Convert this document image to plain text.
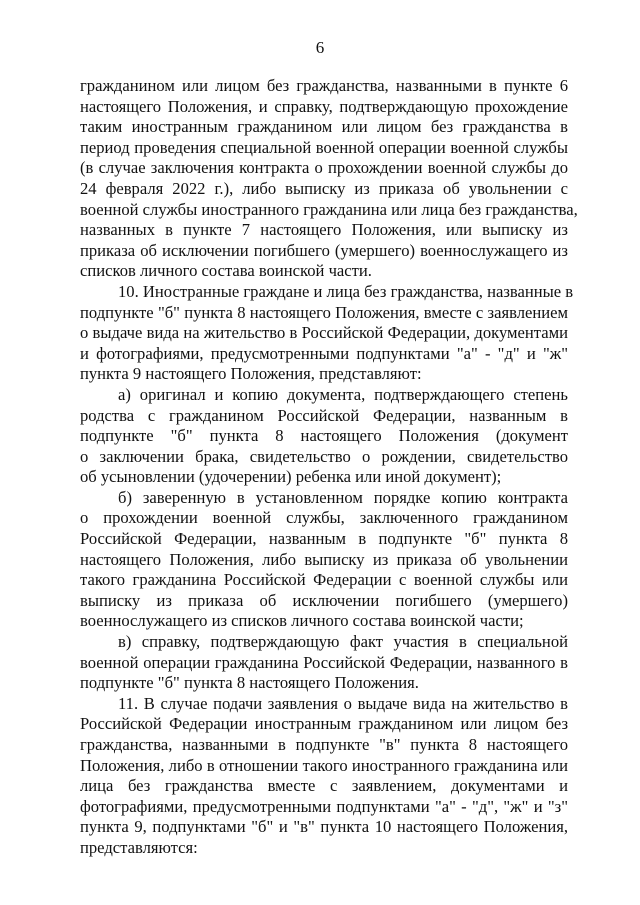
6
гражданином или лицом без гражданства, названными в пункте 6
настоящего Положения, и справку, подтверждающую прохождение
таким иностранным гражданином или лицом без гражданства в
период проведения специальной военной операции военной службы
(в случае заключения контракта о прохождении военной службы до
24 февраля 2022 г.), либо выписку из приказа об увольнении с
военной службы иностранного гражданина или лица без гражданства,
названных в пункте 7 настоящего Положения, или выписку из
приказа об исключении погибшего (умершего) военнослужащего из
списков личного состава воинской части.
10. Иностранные граждане и лица без гражданства, названные в
подпункте "б" пункта 8 настоящего Положения, вместе с заявлением
о выдаче вида на жительство в Российской Федерации, документами
и фотографиями, предусмотренными подпунктами "а" - "д" и "ж"
пункта 9 настоящего Положения, представляют:
а) оригинал и копию документа, подтверждающего степень
родства с гражданином Российской Федерации, названным в
подпункте "б" пункта 8 настоящего Положения (документ
о заключении брака, свидетельство о рождении, свидетельство
об усыновлении (удочерении) ребенка или иной документ);
б) заверенную в установленном порядке копию контракта
о прохождении военной службы, заключенного гражданином
Российской Федерации, названным в подпункте "б" пункта 8
настоящего Положения, либо выписку из приказа об увольнении
такого гражданина Российской Федерации с военной службы или
выписку из приказа об исключении погибшего (умершего)
военнослужащего из списков личного состава воинской части;
в) справку, подтверждающую факт участия в специальной
военной операции гражданина Российской Федерации, названного в
подпункте "б" пункта 8 настоящего Положения.
11. В случае подачи заявления о выдаче вида на жительство в
Российской Федерации иностранным гражданином или лицом без
гражданства, названными в подпункте "в" пункта 8 настоящего
Положения, либо в отношении такого иностранного гражданина или
лица без гражданства вместе с заявлением, документами и
фотографиями, предусмотренными подпунктами "а" - "д", "ж" и "з"
пункта 9, подпунктами "б" и "в" пункта 10 настоящего Положения,
представляются:
